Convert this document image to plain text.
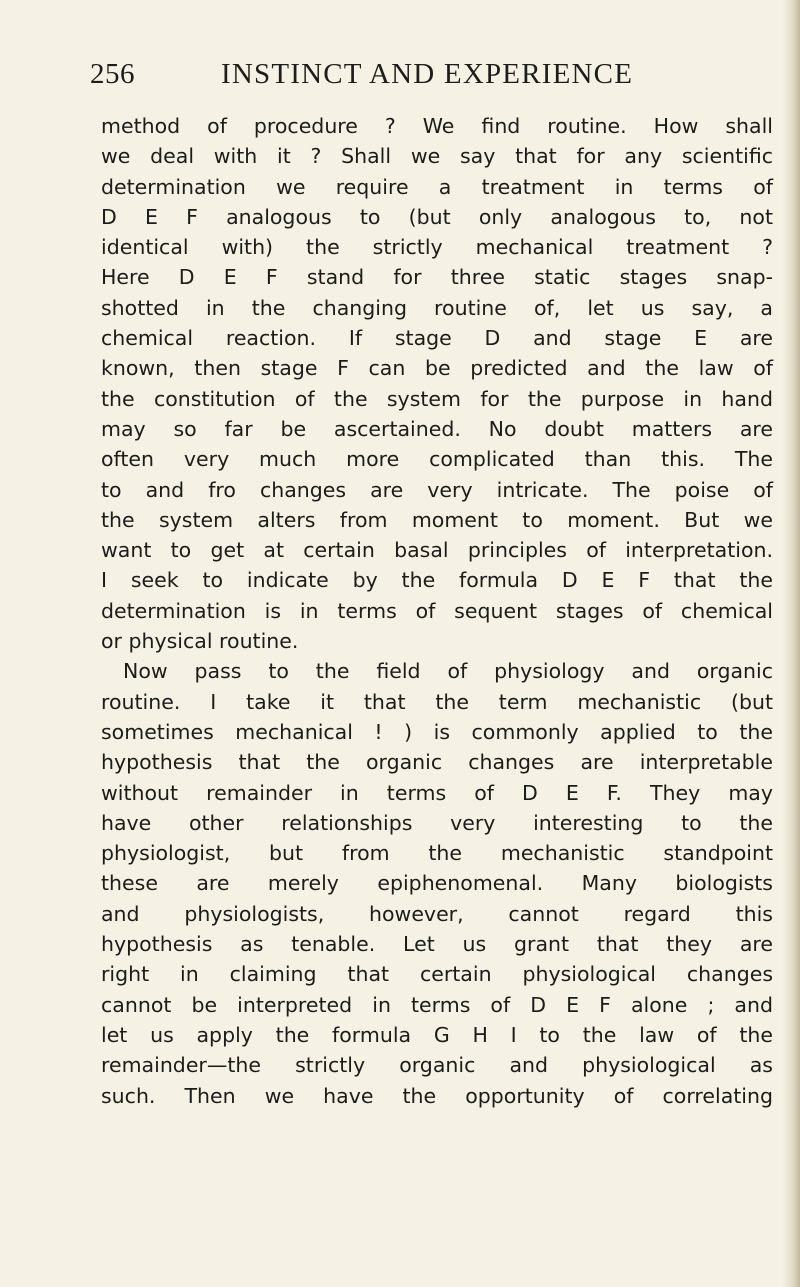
256	INSTINCT AND EXPERIENCE
method of procedure ? We find routine. How shall
we deal with it ? Shall we say that for any scientific
determination we require a treatment in terms of
D E F analogous to (but only analogous to, not
identical with) the strictly mechanical treatment ?
Here D E F stand for three static stages snap-
shotted in the changing routine of, let us say, a
chemical reaction. If stage D and stage E are
known, then stage F can be predicted and the law of
the constitution of the system for the purpose in hand
may so far be ascertained. No doubt matters are
often very much more complicated than this. The
to and fro changes are very intricate. The poise of
the system alters from moment to moment. But we
want to get at certain basal principles of interpretation.
I seek to indicate by the formula D E F that the
determination is in terms of sequent stages of chemical
or physical routine.
Now pass to the field of physiology and organic
routine. I take it that the term mechanistic (but
sometimes mechanical ! ) is commonly applied to the
hypothesis that the organic changes are interpretable
without remainder in terms of D E F. They may
have other relationships very interesting to the
physiologist, but from the mechanistic standpoint
these are merely epiphenomenal. Many biologists
and physiologists, however, cannot regard this
hypothesis as tenable. Let us grant that they are
right in claiming that certain physiological changes
cannot be interpreted in terms of D E F alone ; and
let us apply the formula G H I to the law of the
remainder—the strictly organic and physiological as
such. Then we have the opportunity of correlating
